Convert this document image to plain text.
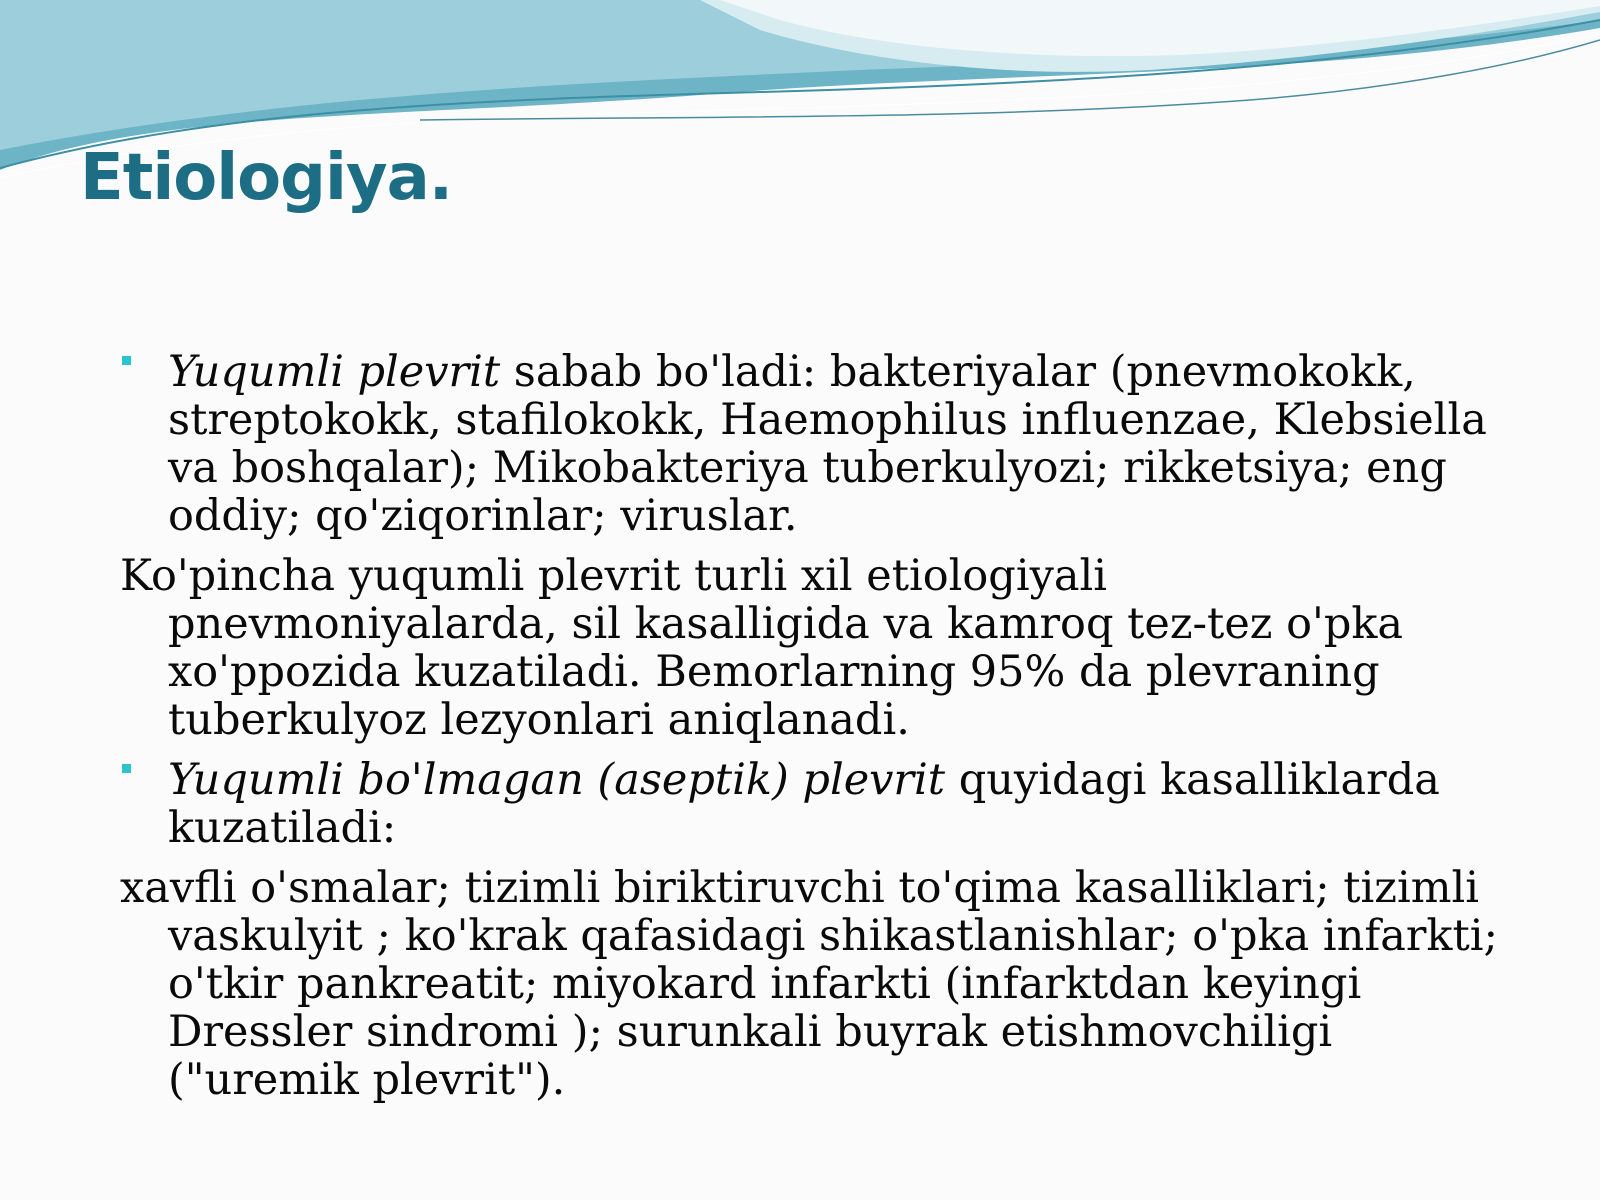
Etiologiya.

Yuqumli plevrit sabab bo'ladi: bakteriyalar (pnevmokokk, streptokokk, stafilokokk, Haemophilus influenzae, Klebsiella va boshqalar); Mikobakteriya tuberkulyozi; rikketsiya; eng oddiy; qo'ziqorinlar; viruslar.

Ko'pincha yuqumli plevrit turli xil etiologiyali pnevmoniyalarda, sil kasalligida va kamroq tez-tez o'pka xo'ppozida kuzatiladi. Bemorlarning 95% da plevraning tuberkulyoz lezyonlari aniqlanadi.

Yuqumli bo'lmagan (aseptik) plevrit quyidagi kasalliklarda kuzatiladi:

xavfli o'smalar; tizimli biriktiruvchi to'qima kasalliklari; tizimli vaskulyit ; ko'krak qafasidagi shikastlanishlar; o'pka infarkti; o'tkir pankreatit; miyokard infarkti (infarktdan keyingi Dressler sindromi ); surunkali buyrak etishmovchiligi ("uremik plevrit").
